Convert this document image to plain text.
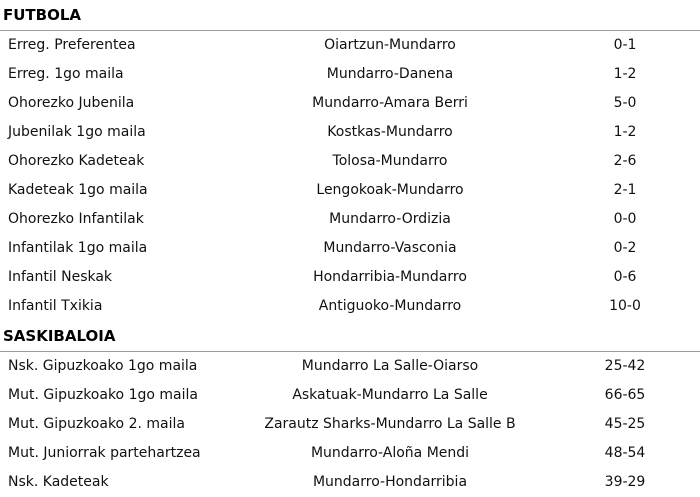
FUTBOLA
Erreg. Preferentea	Oiartzun-Mundarro	0-1
Erreg. 1go maila	Mundarro-Danena	1-2
Ohorezko Jubenila	Mundarro-Amara Berri	5-0
Jubenilak 1go maila	Kostkas-Mundarro	1-2
Ohorezko Kadeteak	Tolosa-Mundarro	2-6
Kadeteak 1go maila	Lengokoak-Mundarro	2-1
Ohorezko Infantilak	Mundarro-Ordizia	0-0
Infantilak 1go maila	Mundarro-Vasconia	0-2
Infantil Neskak	Hondarribia-Mundarro	0-6
Infantil Txikia	Antiguoko-Mundarro	10-0
SASKIBALOIA
Nsk. Gipuzkoako 1go maila	Mundarro La Salle-Oiarso	25-42
Mut. Gipuzkoako 1go maila	Askatuak-Mundarro La Salle	66-65
Mut. Gipuzkoako 2. maila	Zarautz Sharks-Mundarro La Salle B	45-25
Mut. Juniorrak partehartzea	Mundarro-Aloña Mendi	48-54
Nsk. Kadeteak	Mundarro-Hondarribia	39-29
